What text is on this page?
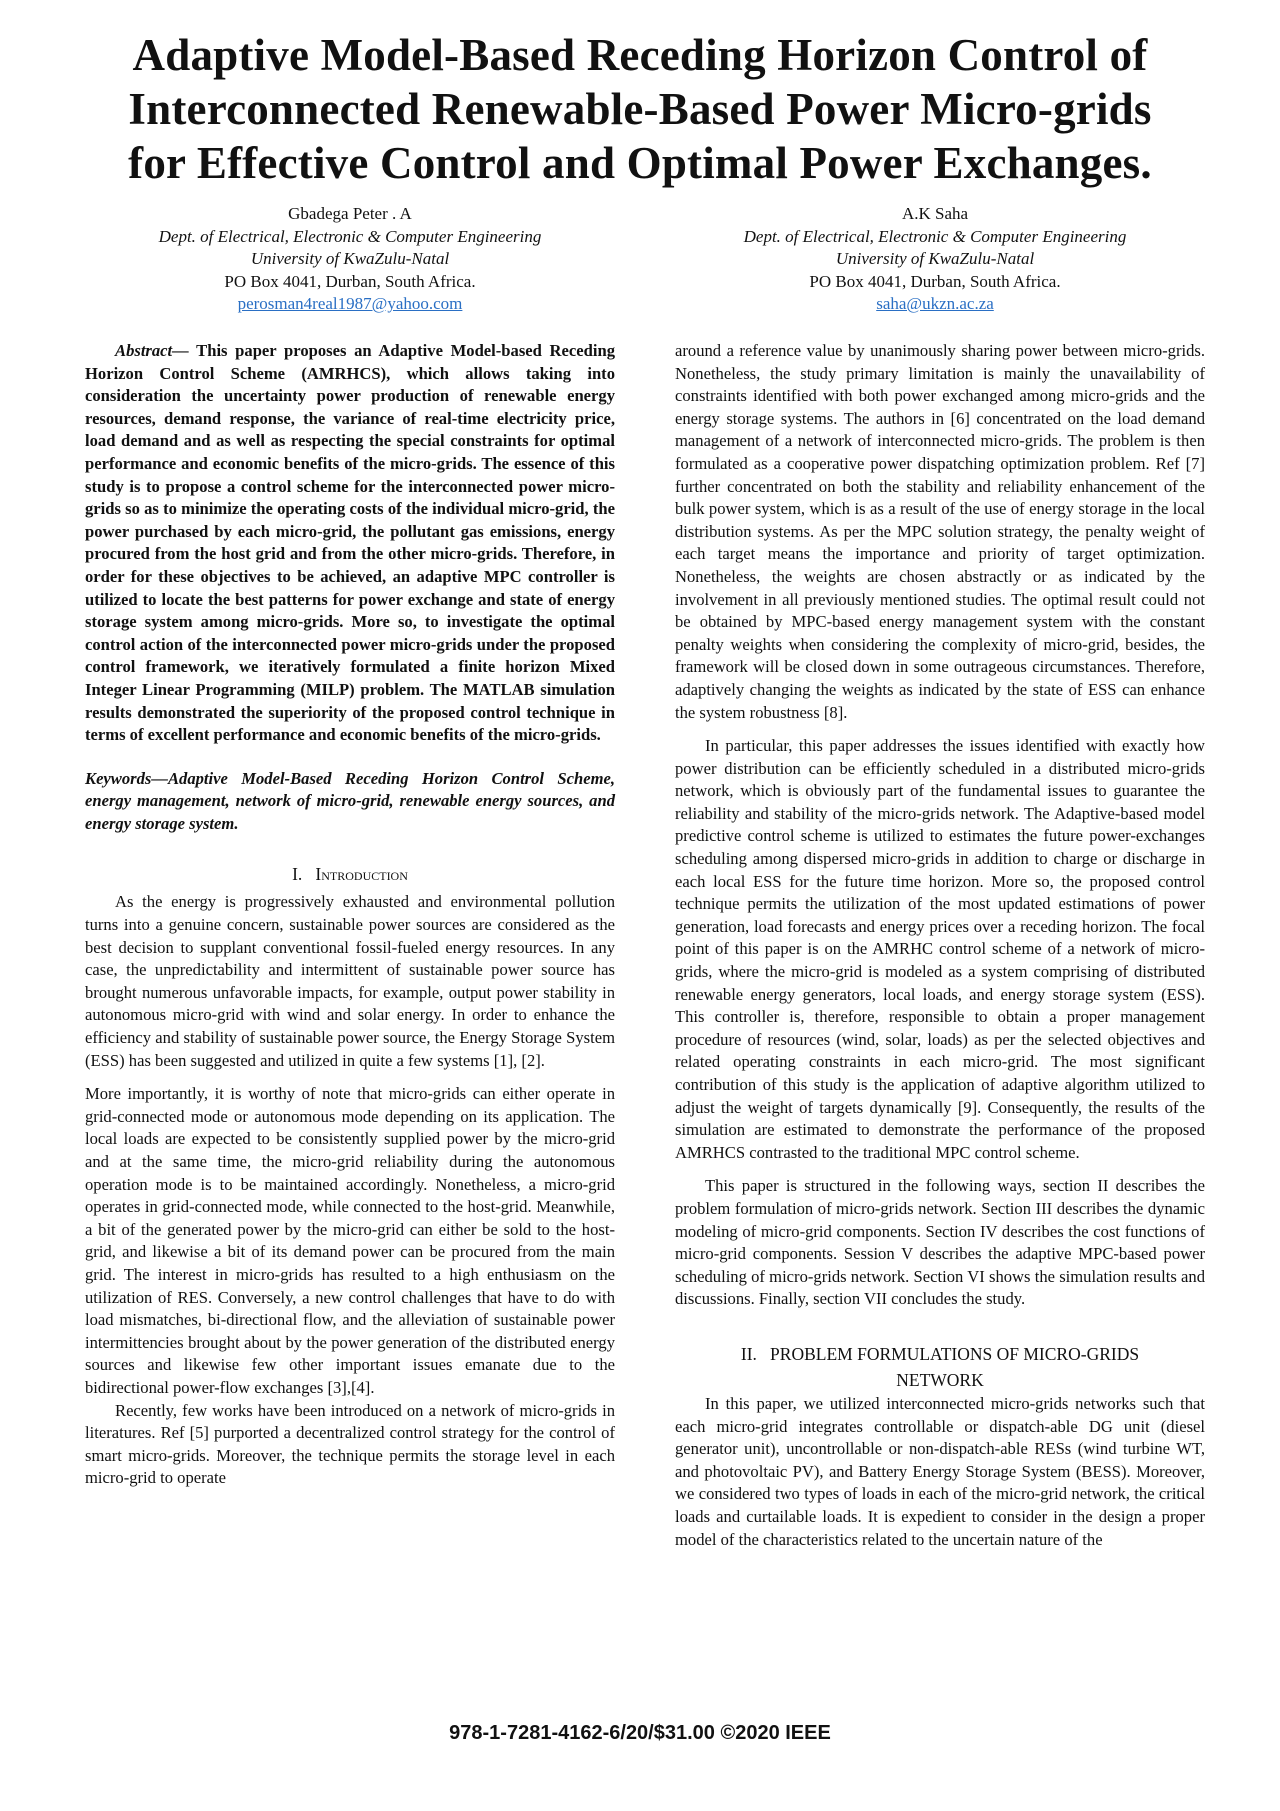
Adaptive Model-Based Receding Horizon Control of
Interconnected Renewable-Based Power Micro-grids
for Effective Control and Optimal Power Exchanges.
Gbadega Peter . A
Dept. of Electrical, Electronic & Computer Engineering
University of KwaZulu-Natal
PO Box 4041, Durban, South Africa.
perosman4real1987@yahoo.com
A.K Saha
Dept. of Electrical, Electronic & Computer Engineering
University of KwaZulu-Natal
PO Box 4041, Durban, South Africa.
saha@ukzn.ac.za

Abstract— This paper proposes an Adaptive Model-based Receding Horizon Control Scheme (AMRHCS), which allows taking into consideration the uncertainty power production of renewable energy resources, demand response, the variance of real-time electricity price, load demand and as well as respecting the special constraints for optimal performance and economic benefits of the micro-grids. The essence of this study is to propose a control scheme for the interconnected power micro-grids so as to minimize the operating costs of the individual micro-grid, the power purchased by each micro-grid, the pollutant gas emissions, energy procured from the host grid and from the other micro-grids. Therefore, in order for these objectives to be achieved, an adaptive MPC controller is utilized to locate the best patterns for power exchange and state of energy storage system among micro-grids. More so, to investigate the optimal control action of the interconnected power micro-grids under the proposed control framework, we iteratively formulated a finite horizon Mixed Integer Linear Programming (MILP) problem. The MATLAB simulation results demonstrated the superiority of the proposed control technique in terms of excellent performance and economic benefits of the micro-grids.

Keywords—Adaptive Model-Based Receding Horizon Control Scheme, energy management, network of micro-grid, renewable energy sources, and energy storage system.

I. Introduction

As the energy is progressively exhausted and environmental pollution turns into a genuine concern, sustainable power sources are considered as the best decision to supplant conventional fossil-fueled energy resources. In any case, the unpredictability and intermittent of sustainable power source has brought numerous unfavorable impacts, for example, output power stability in autonomous micro-grid with wind and solar energy. In order to enhance the efficiency and stability of sustainable power source, the Energy Storage System (ESS) has been suggested and utilized in quite a few systems [1], [2].

More importantly, it is worthy of note that micro-grids can either operate in grid-connected mode or autonomous mode depending on its application. The local loads are expected to be consistently supplied power by the micro-grid and at the same time, the micro-grid reliability during the autonomous operation mode is to be maintained accordingly. Nonetheless, a micro-grid operates in grid-connected mode, while connected to the host-grid. Meanwhile, a bit of the generated power by the micro-grid can either be sold to the host-grid, and likewise a bit of its demand power can be procured from the main grid. The interest in micro-grids has resulted to a high enthusiasm on the utilization of RES. Conversely, a new control challenges that have to do with load mismatches, bi-directional flow, and the alleviation of sustainable power intermittencies brought about by the power generation of the distributed energy sources and likewise few other important issues emanate due to the bidirectional power-flow exchanges [3],[4].

Recently, few works have been introduced on a network of micro-grids in literatures. Ref [5] purported a decentralized control strategy for the control of smart micro-grids. Moreover, the technique permits the storage level in each micro-grid to operate

around a reference value by unanimously sharing power between micro-grids. Nonetheless, the study primary limitation is mainly the unavailability of constraints identified with both power exchanged among micro-grids and the energy storage systems. The authors in [6] concentrated on the load demand management of a network of interconnected micro-grids. The problem is then formulated as a cooperative power dispatching optimization problem. Ref [7] further concentrated on both the stability and reliability enhancement of the bulk power system, which is as a result of the use of energy storage in the local distribution systems. As per the MPC solution strategy, the penalty weight of each target means the importance and priority of target optimization. Nonetheless, the weights are chosen abstractly or as indicated by the involvement in all previously mentioned studies. The optimal result could not be obtained by MPC-based energy management system with the constant penalty weights when considering the complexity of micro-grid, besides, the framework will be closed down in some outrageous circumstances. Therefore, adaptively changing the weights as indicated by the state of ESS can enhance the system robustness [8].

In particular, this paper addresses the issues identified with exactly how power distribution can be efficiently scheduled in a distributed micro-grids network, which is obviously part of the fundamental issues to guarantee the reliability and stability of the micro-grids network. The Adaptive-based model predictive control scheme is utilized to estimates the future power-exchanges scheduling among dispersed micro-grids in addition to charge or discharge in each local ESS for the future time horizon. More so, the proposed control technique permits the utilization of the most updated estimations of power generation, load forecasts and energy prices over a receding horizon. The focal point of this paper is on the AMRHC control scheme of a network of micro-grids, where the micro-grid is modeled as a system comprising of distributed renewable energy generators, local loads, and energy storage system (ESS). This controller is, therefore, responsible to obtain a proper management procedure of resources (wind, solar, loads) as per the selected objectives and related operating constraints in each micro-grid. The most significant contribution of this study is the application of adaptive algorithm utilized to adjust the weight of targets dynamically [9]. Consequently, the results of the simulation are estimated to demonstrate the performance of the proposed AMRHCS contrasted to the traditional MPC control scheme.

This paper is structured in the following ways, section II describes the problem formulation of micro-grids network. Section III describes the dynamic modeling of micro-grid components. Section IV describes the cost functions of micro-grid components. Session V describes the adaptive MPC-based power scheduling of micro-grids network. Section VI shows the simulation results and discussions. Finally, section VII concludes the study.

II.   PROBLEM FORMULATIONS OF MICRO-GRIDS
NETWORK

In this paper, we utilized interconnected micro-grids networks such that each micro-grid integrates controllable or dispatch-able DG unit (diesel generator unit), uncontrollable or non-dispatch-able RESs (wind turbine WT, and photovoltaic PV), and Battery Energy Storage System (BESS). Moreover, we considered two types of loads in each of the micro-grid network, the critical loads and curtailable loads. It is expedient to consider in the design a proper model of the characteristics related to the uncertain nature of the

978-1-7281-4162-6/20/$31.00 ©2020 IEEE
